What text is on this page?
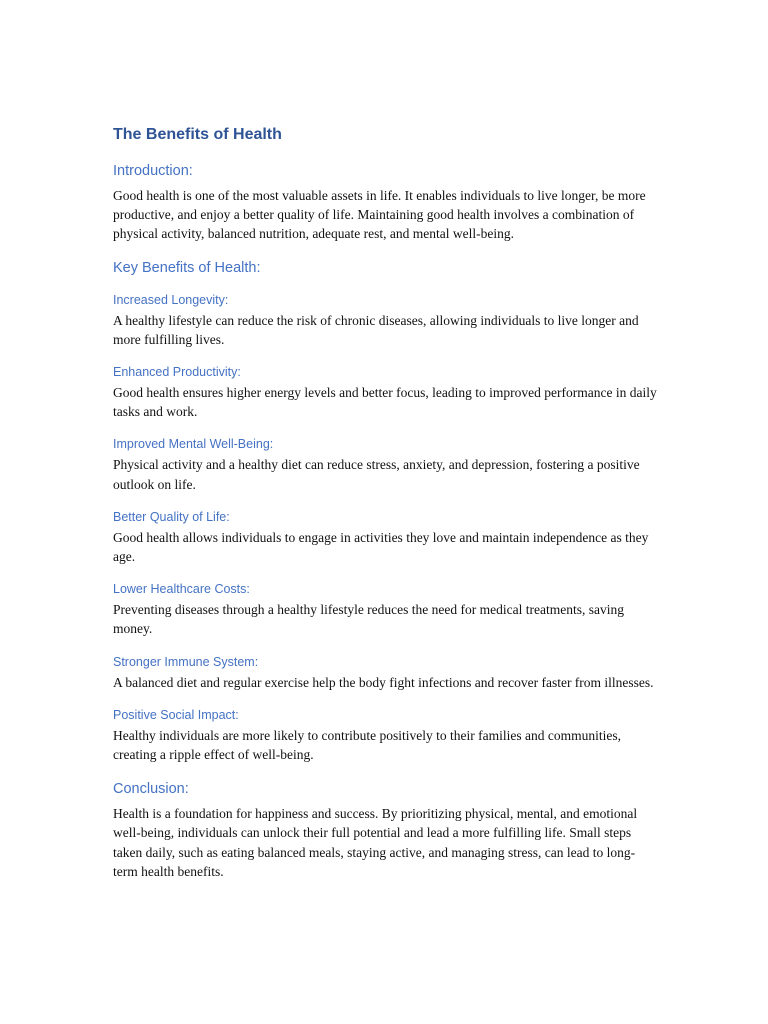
The Benefits of Health
Introduction:

Good health is one of the most valuable assets in life. It enables individuals to live longer, be more productive, and enjoy a better quality of life. Maintaining good health involves a combination of physical activity, balanced nutrition, adequate rest, and mental well-being.

Key Benefits of Health:
Increased Longevity:

A healthy lifestyle can reduce the risk of chronic diseases, allowing individuals to live longer and more fulfilling lives.

Enhanced Productivity:

Good health ensures higher energy levels and better focus, leading to improved performance in daily tasks and work.

Improved Mental Well-Being:

Physical activity and a healthy diet can reduce stress, anxiety, and depression, fostering a positive outlook on life.

Better Quality of Life:

Good health allows individuals to engage in activities they love and maintain independence as they age.

Lower Healthcare Costs:

Preventing diseases through a healthy lifestyle reduces the need for medical treatments, saving money.

Stronger Immune System:

A balanced diet and regular exercise help the body fight infections and recover faster from illnesses.

Positive Social Impact:

Healthy individuals are more likely to contribute positively to their families and communities, creating a ripple effect of well-being.

Conclusion:

Health is a foundation for happiness and success. By prioritizing physical, mental, and emotional well-being, individuals can unlock their full potential and lead a more fulfilling life. Small steps taken daily, such as eating balanced meals, staying active, and managing stress, can lead to long-term health benefits.
